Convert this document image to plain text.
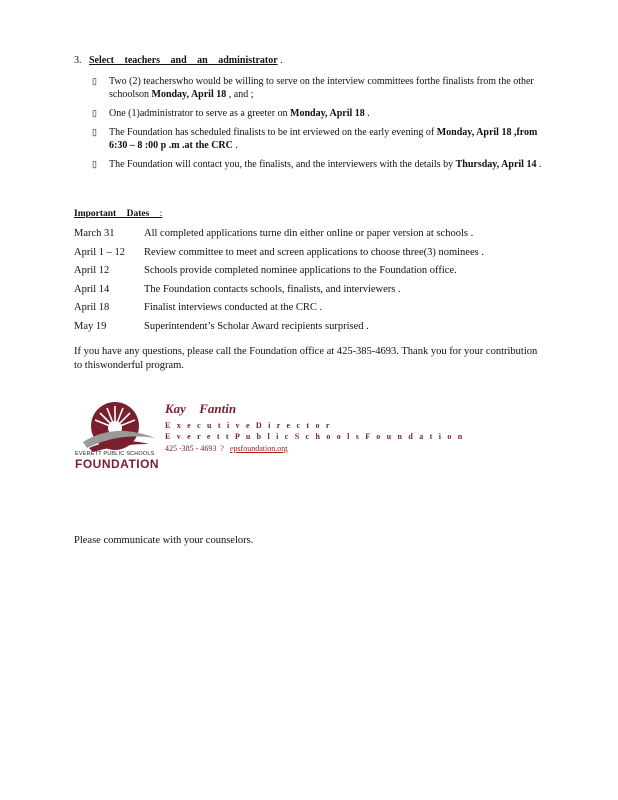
3. Select teachers and an administrator .
▯ Two (2) teacherswho would be willing to serve on the interview committees forthe finalists from the other schoolson Monday, April 18 , and ;
▯ One (1)administrator to serve as a greeter on Monday, April 18 .
▯ The Foundation has scheduled finalists to be int erviewed on the early evening of Monday, April 18 ,from 6:30 – 8 :00 p .m .at the CRC .
▯ The Foundation will contact you, the finalists, and the interviewers with the details by Thursday, April 14 .
Important Dates :
March 31	All completed applications turne din either online or paper version at schools .
April 1 – 12	Review committee to meet and screen applications to choose three(3) nominees .
April 12	Schools provide completed nominee applications to the Foundation office.
April 14	The Foundation contacts schools, finalists, and interviewers .
April 18	Finalist interviews conducted at the CRC .
May 19	Superintendent’s Scholar Award recipients surprised .
If you have any questions, please call the Foundation office at 425-385-4693. Thank you for your contribution to thiswonderful program.
EVERETT PUBLIC SCHOOLS
FOUNDATION
Kay Fantin
E x e c u t i v e D i r e c t o r
E v e r e t t P u b l i c S c h o o l s F o u n d a t i o n
425 -385 - 4693 ? epsfoundation.org
Please communicate with your counselors.
